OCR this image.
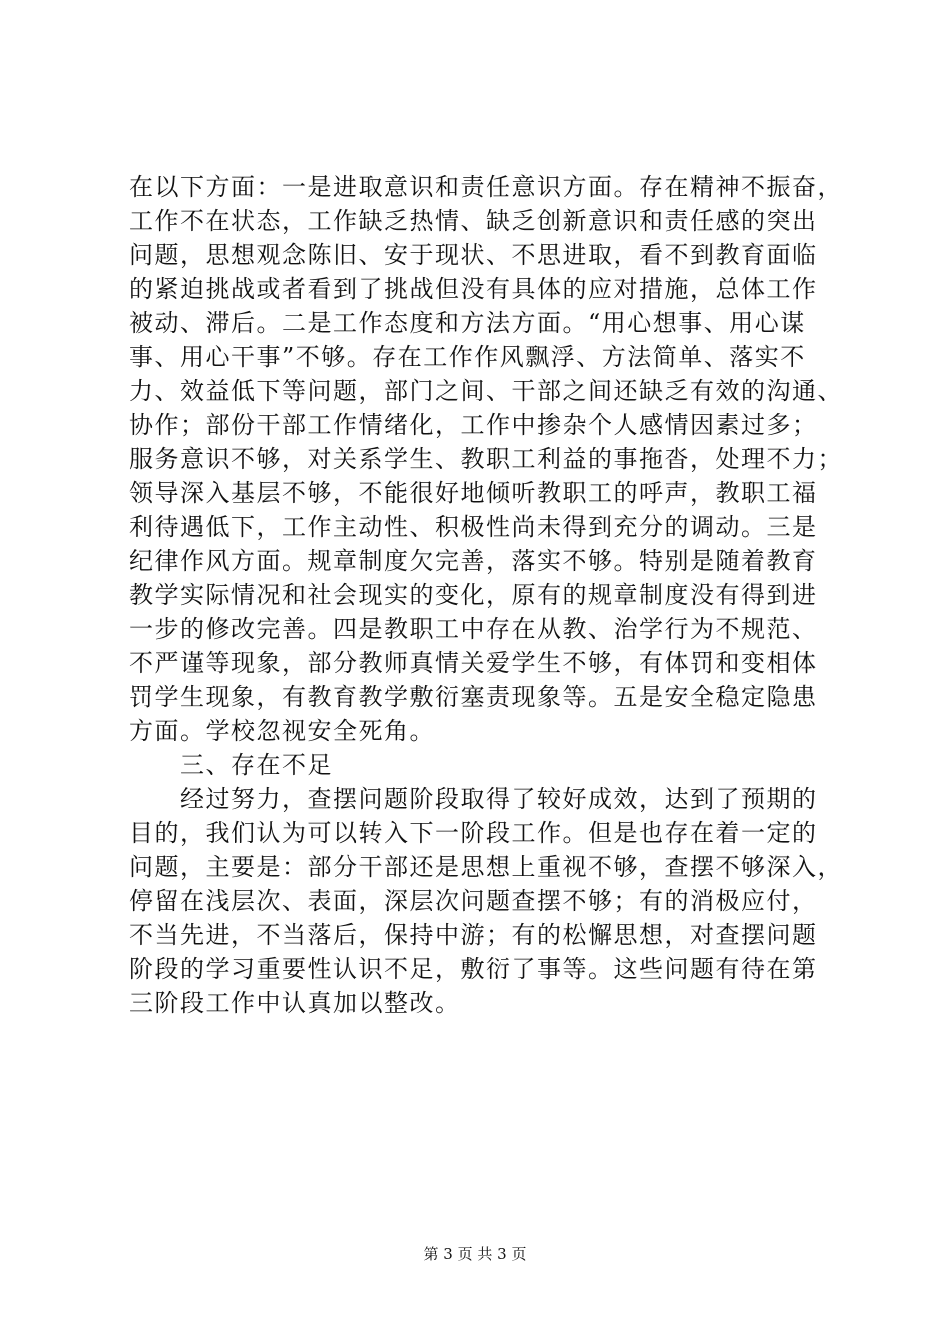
在以下方面：一是进取意识和责任意识方面。存在精神不振奋，
工作不在状态，工作缺乏热情、缺乏创新意识和责任感的突出
问题，思想观念陈旧、安于现状、不思进取，看不到教育面临
的紧迫挑战或者看到了挑战但没有具体的应对措施，总体工作
被动、滞后。二是工作态度和方法方面。“用心想事、用心谋
事、用心干事”不够。存在工作作风飘浮、方法简单、落实不
力、效益低下等问题，部门之间、干部之间还缺乏有效的沟通、
协作；部份干部工作情绪化，工作中掺杂个人感情因素过多；
服务意识不够，对关系学生、教职工利益的事拖沓，处理不力；
领导深入基层不够，不能很好地倾听教职工的呼声，教职工福
利待遇低下，工作主动性、积极性尚未得到充分的调动。三是
纪律作风方面。规章制度欠完善，落实不够。特别是随着教育
教学实际情况和社会现实的变化，原有的规章制度没有得到进
一步的修改完善。四是教职工中存在从教、治学行为不规范、
不严谨等现象，部分教师真情关爱学生不够，有体罚和变相体
罚学生现象，有教育教学敷衍塞责现象等。五是安全稳定隐患
方面。学校忽视安全死角。
　　三、存在不足
　　经过努力，查摆问题阶段取得了较好成效，达到了预期的
目的，我们认为可以转入下一阶段工作。但是也存在着一定的
问题，主要是：部分干部还是思想上重视不够，查摆不够深入，
停留在浅层次、表面，深层次问题查摆不够；有的消极应付，
不当先进，不当落后，保持中游；有的松懈思想，对查摆问题
阶段的学习重要性认识不足，敷衍了事等。这些问题有待在第
三阶段工作中认真加以整改。
第 3 页 共 3 页
